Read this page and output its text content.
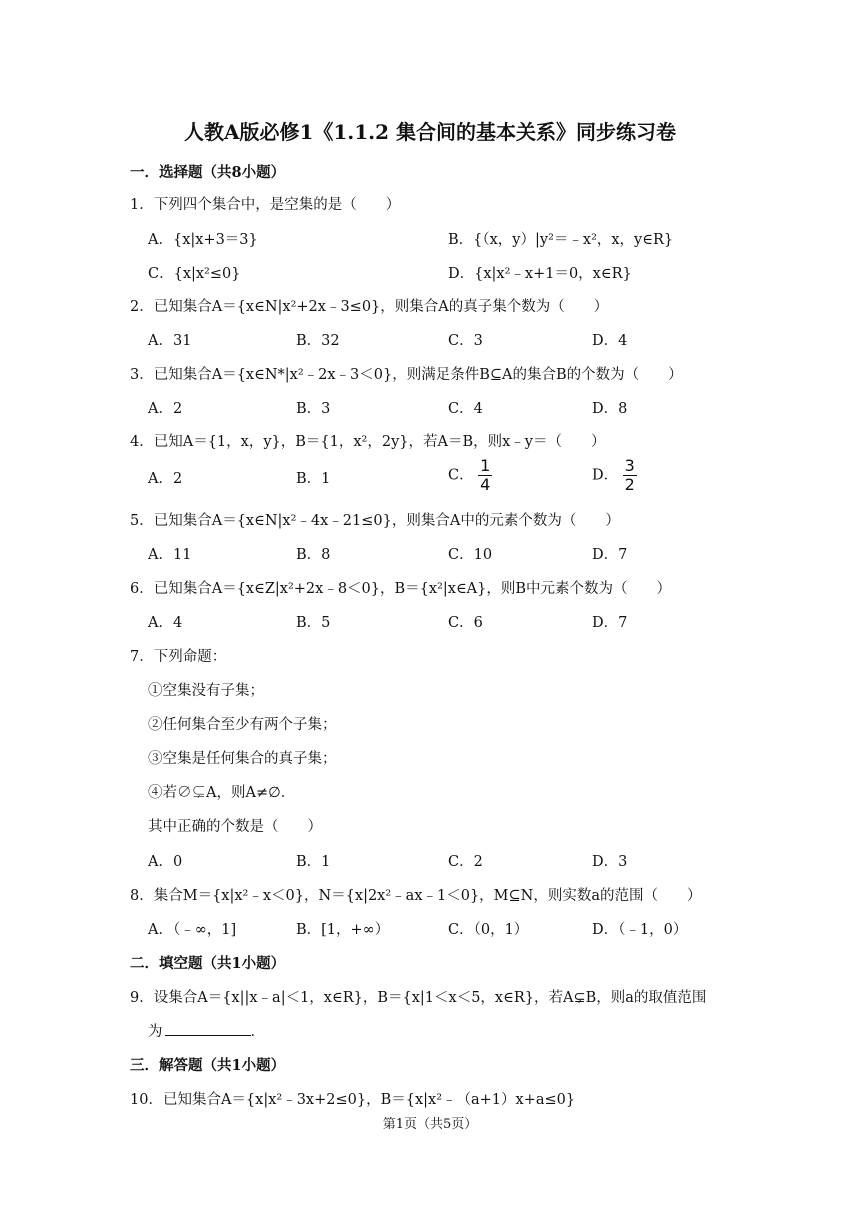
人教A版必修1《1.1.2 集合间的基本关系》同步练习卷
一．选择题（共8小题）
1．下列四个集合中，是空集的是（　　）
A．{x|x+3＝3}	B．{（x，y）|y²＝﹣x²，x，y∈R}
C．{x|x²≤0}	D．{x|x²﹣x+1＝0，x∈R}
2．已知集合A＝{x∈N|x²+2x﹣3≤0}，则集合A的真子集个数为（　　）
A．31	B．32	C．3	D．4
3．已知集合A＝{x∈N*|x²﹣2x﹣3＜0}，则满足条件B⊆A的集合B的个数为（　　）
A．2	B．3	C．4	D．8
4．已知A＝{1，x，y}，B＝{1，x²，2y}，若A＝B，则x﹣y＝（　　）
A．2	B．1	C． $\frac{1}{4}$	D． $\frac{3}{2}$
5．已知集合A＝{x∈N|x²﹣4x﹣21≤0}，则集合A中的元素个数为（　　）
A．11	B．8	C．10	D．7
6．已知集合A＝{x∈Z|x²+2x﹣8＜0}，B＝{x²|x∈A}，则B中元素个数为（　　）
A．4	B．5	C．6	D．7
7．下列命题：
①空集没有子集；
②任何集合至少有两个子集；
③空集是任何集合的真子集；
④若∅⊊A，则A≠∅．
其中正确的个数是（　　）
A．0	B．1	C．2	D．3
8．集合M＝{x|x²﹣x＜0}，N＝{x|2x²﹣ax﹣1＜0}，M⊆N，则实数a的范围（　　）
A．（﹣∞，1]	B．[1，+∞）	C．（0，1）	D．（﹣1，0）
二．填空题（共1小题）
9．设集合A＝{x||x﹣a|＜1，x∈R}，B＝{x|1＜x＜5，x∈R}，若A⊊B，则a的取值范围
为	．
三．解答题（共1小题）
10．已知集合A＝{x|x²﹣3x+2≤0}，B＝{x|x²﹣（a+1）x+a≤0}
第1页（共5页）
